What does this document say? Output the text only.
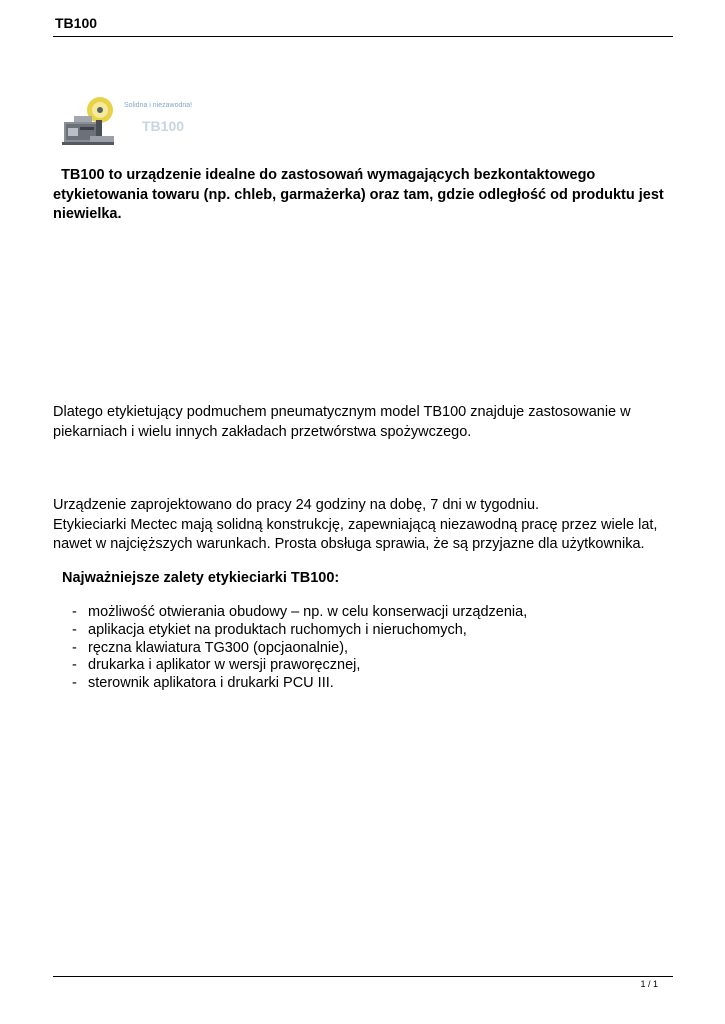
TB100
Solidna i niezawodna!
TB100

TB100 to urządzenie idealne do zastosowań wymagających bezkontaktowego etykietowania towaru (np. chleb, garmażerka) oraz tam, gdzie odległość od produktu jest niewielka.

Dlatego etykietujący podmuchem pneumatycznym model TB100 znajduje zastosowanie w piekarniach i wielu innych zakładach przetwórstwa spożywczego.

Urządzenie zaprojektowano do pracy 24 godziny na dobę, 7 dni w tygodniu.
Etykieciarki Mectec mają solidną konstrukcję, zapewniającą niezawodną pracę przez wiele lat, nawet w najcięższych warunkach. Prosta obsługa sprawia, że są przyjazne dla użytkownika.

Najważniejsze zalety etykieciarki TB100:

- możliwość otwierania obudowy – np. w celu konserwacji urządzenia,
- aplikacja etykiet na produktach ruchomych i nieruchomych,
- ręczna klawiatura TG300 (opcjaonalnie),
- drukarka i aplikator w wersji praworęcznej,
- sterownik aplikatora i drukarki PCU III.
1 / 1
